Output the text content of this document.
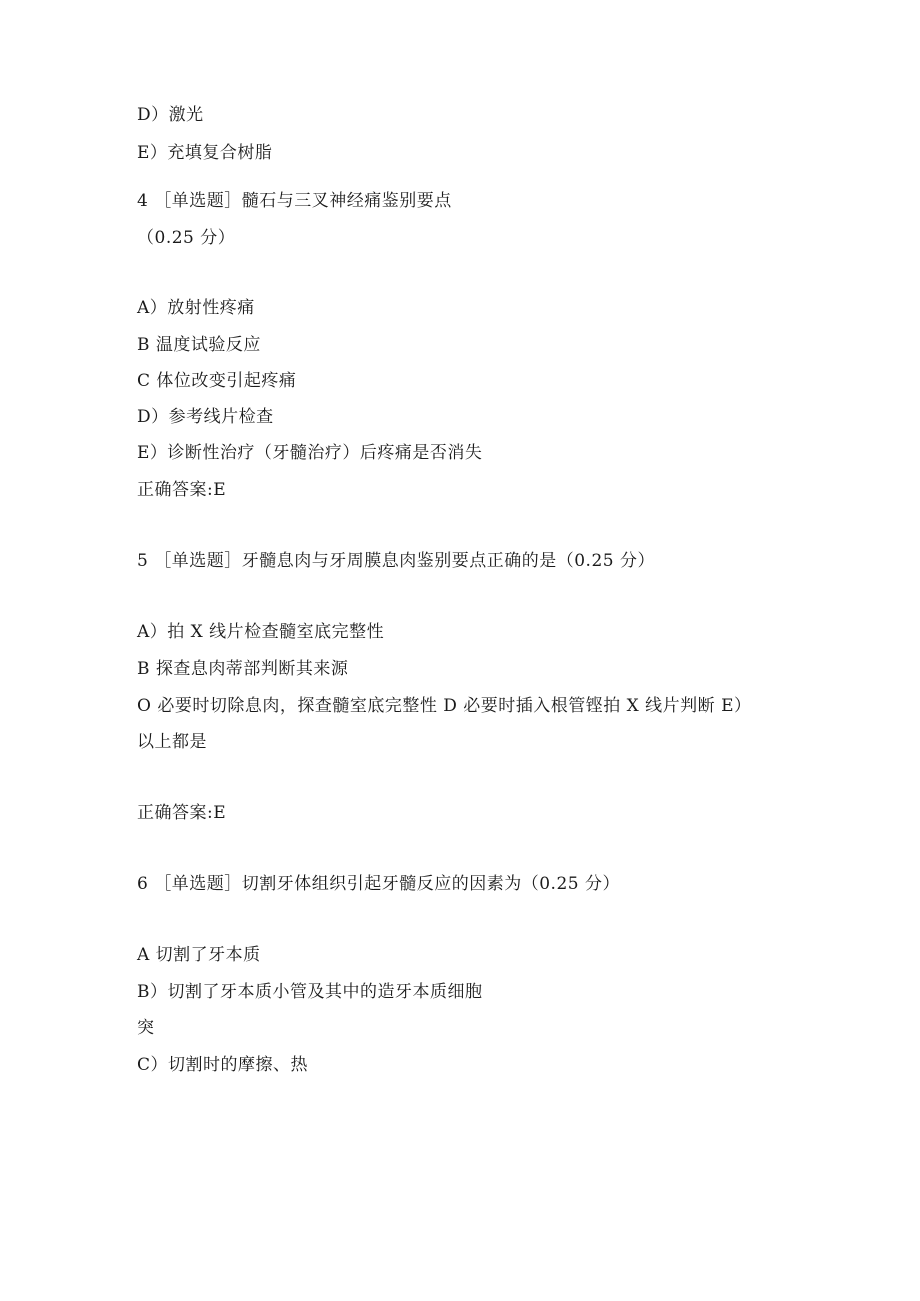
D）激光
E）充填复合树脂
4 ［单选题］髓石与三叉神经痛鉴别要点
（0.25 分）
A）放射性疼痛
B 温度试验反应
C 体位改变引起疼痛
D）参考线片检查
E）诊断性治疗（牙髓治疗）后疼痛是否消失
正确答案:E
5 ［单选题］牙髓息肉与牙周膜息肉鉴别要点正确的是（0.25 分）
A）拍 X 线片检查髓室底完整性
B 探查息肉蒂部判断其来源
O 必要时切除息肉，探查髓室底完整性 D 必要时插入根管铿拍 X 线片判断 E）
以上都是
正确答案:E
6 ［单选题］切割牙体组织引起牙髓反应的因素为（0.25 分）
A 切割了牙本质
B）切割了牙本质小管及其中的造牙本质细胞
突
C）切割时的摩擦、热
